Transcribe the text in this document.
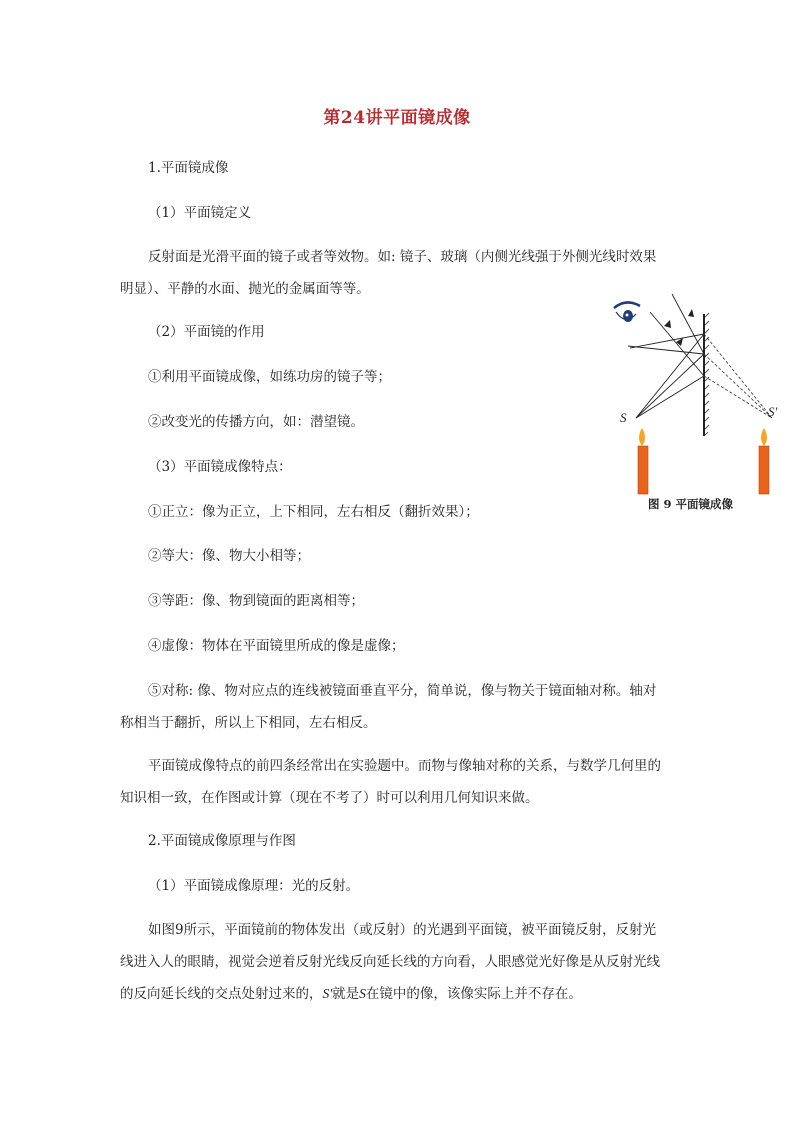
第24讲平面镜成像
1.平面镜成像
（1）平面镜定义
反射面是光滑平面的镜子或者等效物。如: 镜子、玻璃（内侧光线强于外侧光线时效果
明显）、平静的水面、抛光的金属面等等。
（2）平面镜的作用
①利用平面镜成像，如练功房的镜子等；
②改变光的传播方向，如：潜望镜。
（3）平面镜成像特点：
①正立：像为正立，上下相同，左右相反（翻折效果）；
②等大：像、物大小相等；
③等距：像、物到镜面的距离相等；
④虚像：物体在平面镜里所成的像是虚像；
⑤对称: 像、物对应点的连线被镜面垂直平分，简单说，像与物关于镜面轴对称。轴对
称相当于翻折，所以上下相同，左右相反。
平面镜成像特点的前四条经常出在实验题中。而物与像轴对称的关系，与数学几何里的
知识相一致，在作图或计算（现在不考了）时可以利用几何知识来做。
2.平面镜成像原理与作图
（1）平面镜成像原理：光的反射。
如图9所示，平面镜前的物体发出（或反射）的光遇到平面镜，被平面镜反射，反射光
线进入人的眼睛，视觉会逆着反射光线反向延长线的方向看，人眼感觉光好像是从反射光线
的反向延长线的交点处射过来的，S'就是S在镜中的像，该像实际上并不存在。
S	S'
图 9 平面镜成像
